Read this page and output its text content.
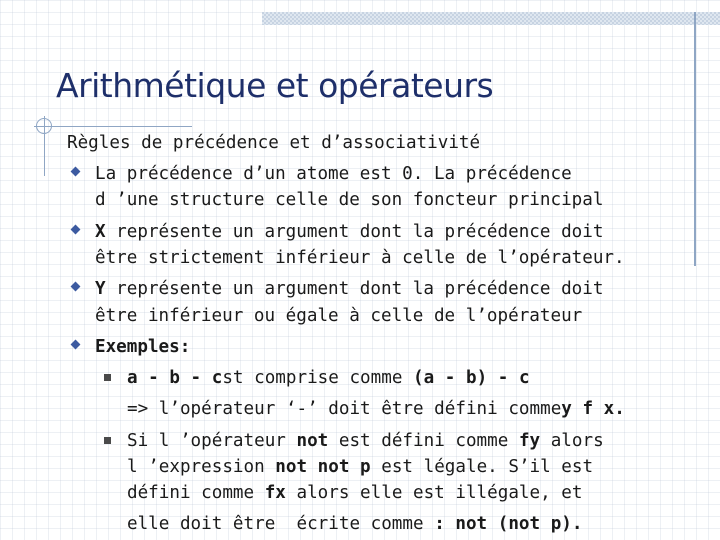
Arithmétique et opérateurs
Règles de précédence et d’associativité
La précédence d’un atome est 0. La précédence
d ’une structure celle de son foncteur principal
X représente un argument dont la précédence doit
être strictement inférieur à celle de l’opérateur.
Y représente un argument dont la précédence doit
être inférieur ou égale à celle de l’opérateur
Exemples:
a - b - cst comprise comme (a - b) - c
=> l’opérateur ‘-’ doit être défini commey f x.
Si l ’opérateur not est défini comme fy alors
l ’expression not not p est légale. S’il est
défini comme fx alors elle est illégale, et
elle doit être  écrite comme : not (not p).
